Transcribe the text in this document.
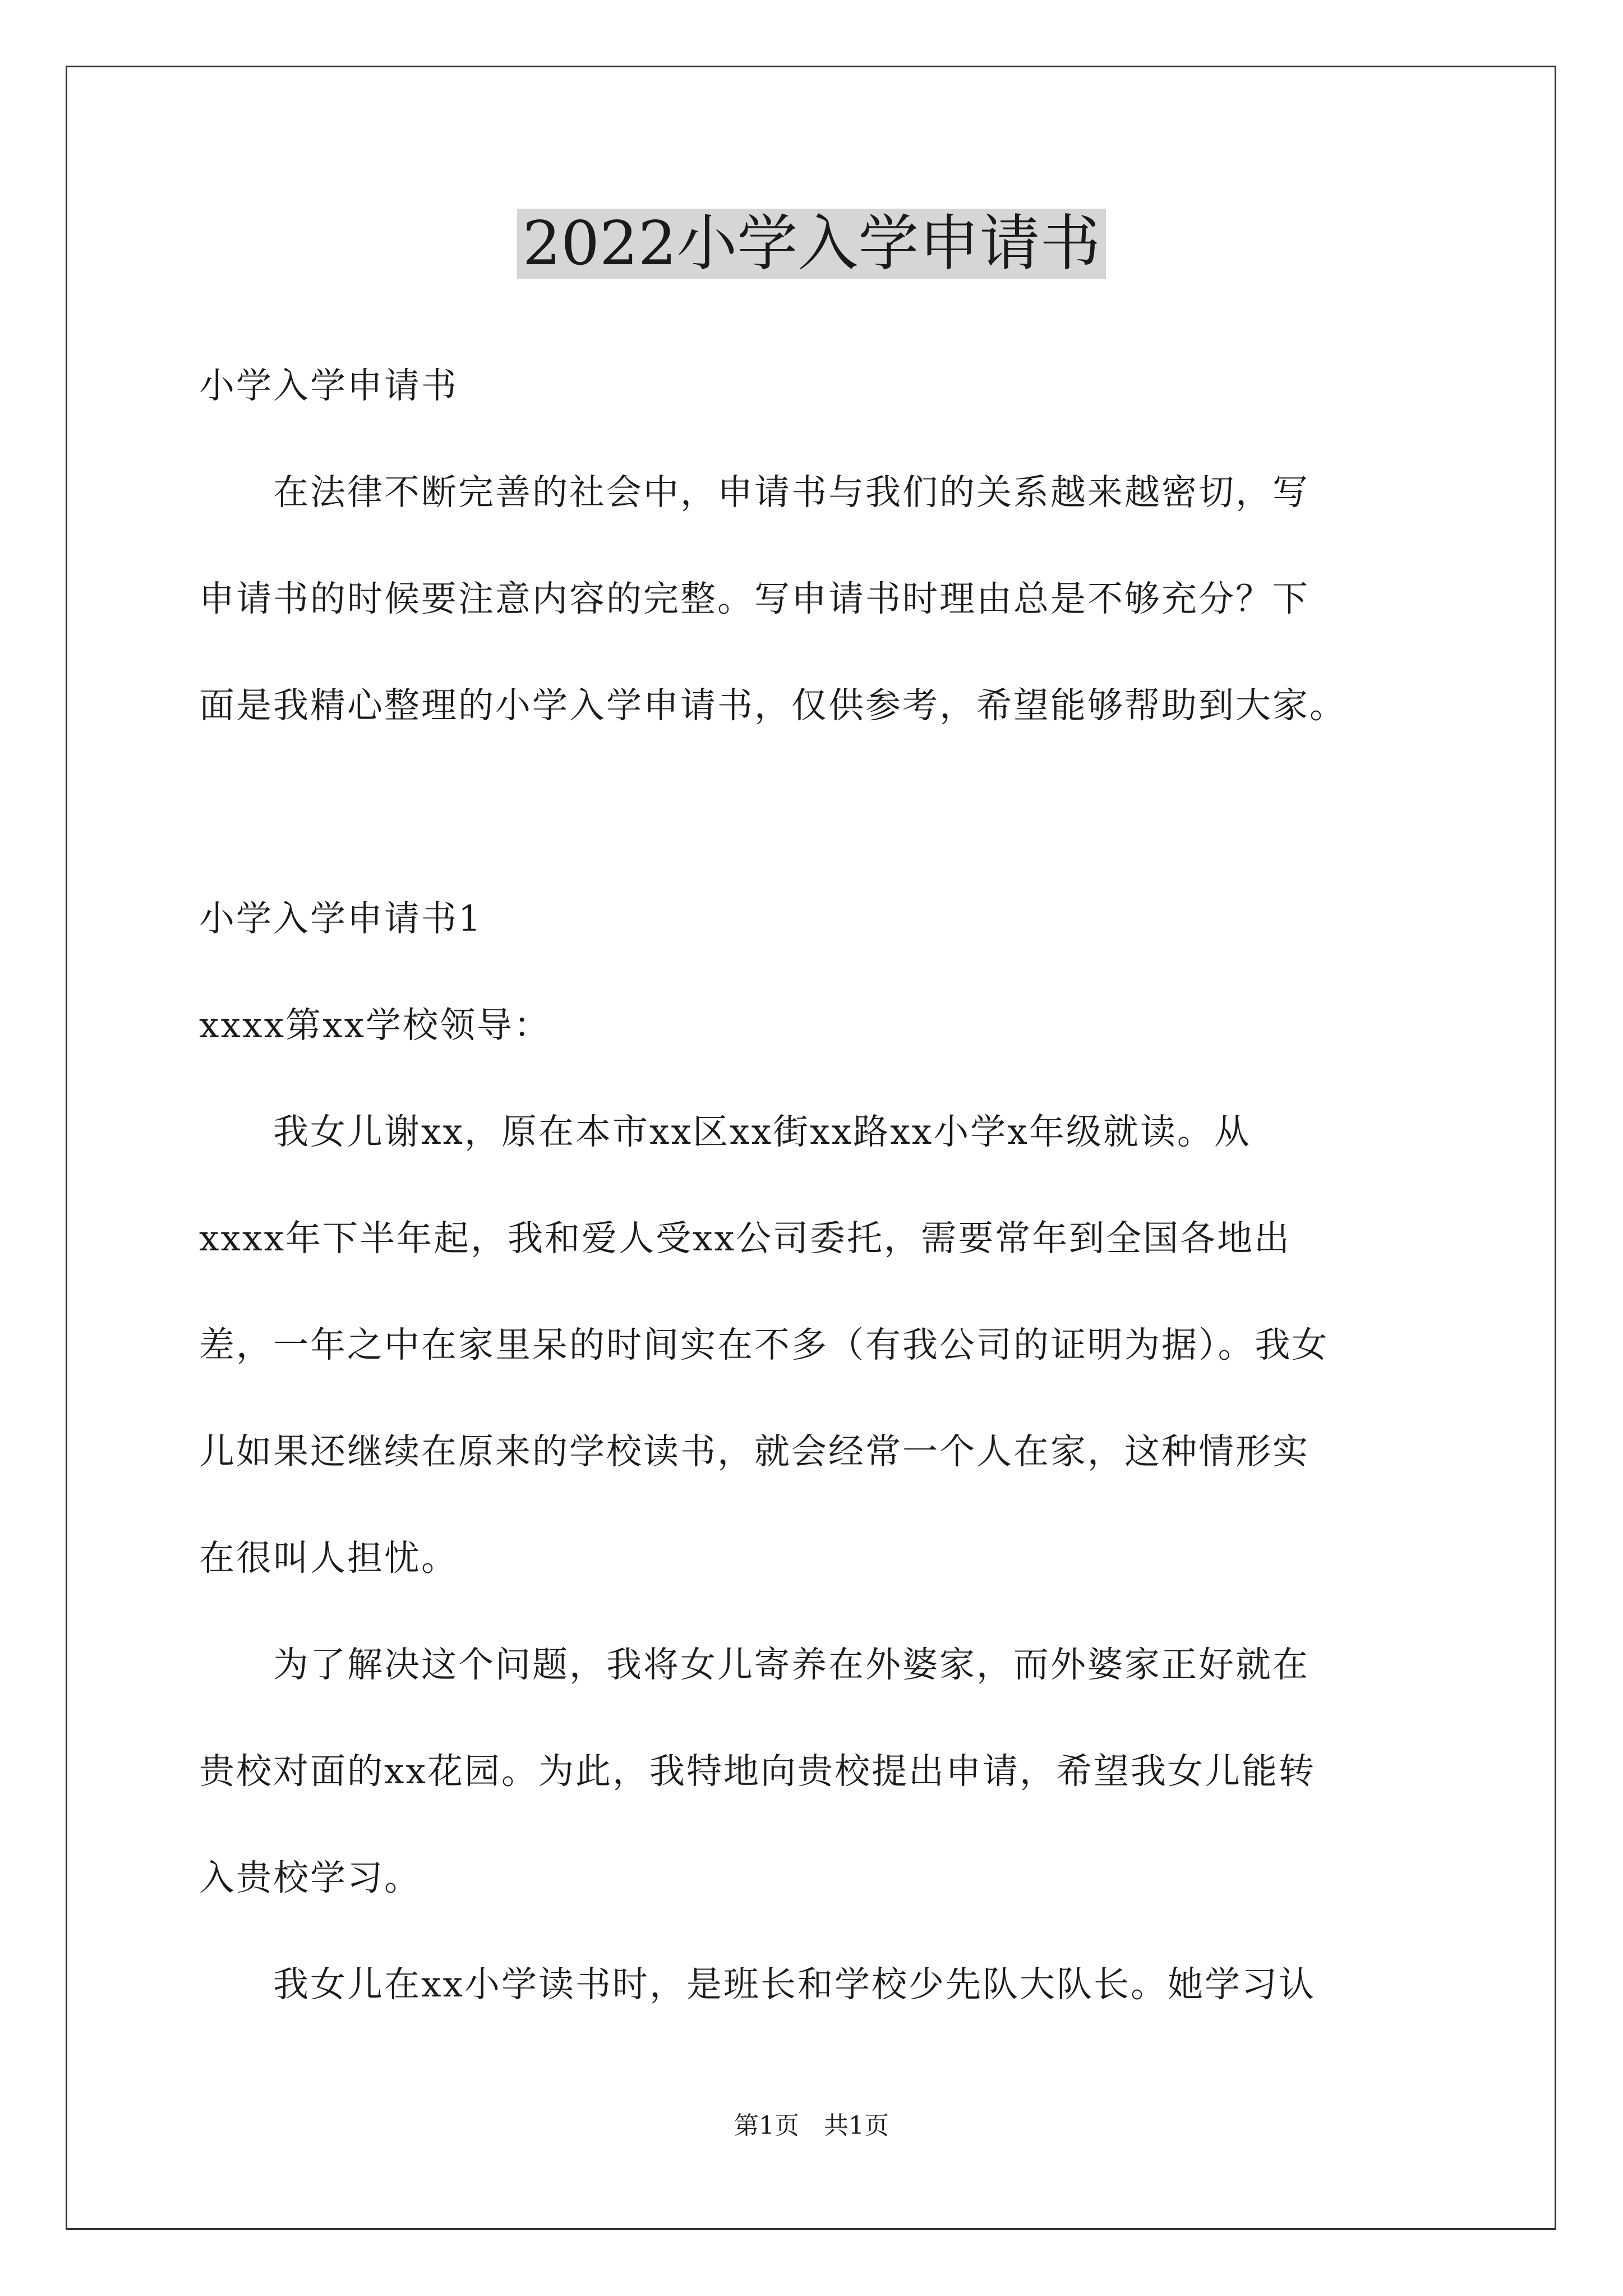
2022小学入学申请书
小学入学申请书
　　在法律不断完善的社会中，申请书与我们的关系越来越密切，写
申请书的时候要注意内容的完整。写申请书时理由总是不够充分？下
面是我精心整理的小学入学申请书，仅供参考，希望能够帮助到大家。
小学入学申请书1
xxxx第xx学校领导：
　　我女儿谢xx，原在本市xx区xx街xx路xx小学x年级就读。从
xxxx年下半年起，我和爱人受xx公司委托，需要常年到全国各地出
差，一年之中在家里呆的时间实在不多（有我公司的证明为据）。我女
儿如果还继续在原来的学校读书，就会经常一个人在家，这种情形实
在很叫人担忧。
　　为了解决这个问题，我将女儿寄养在外婆家，而外婆家正好就在
贵校对面的xx花园。为此，我特地向贵校提出申请，希望我女儿能转
入贵校学习。
　　我女儿在xx小学读书时，是班长和学校少先队大队长。她学习认
第1页　共1页
